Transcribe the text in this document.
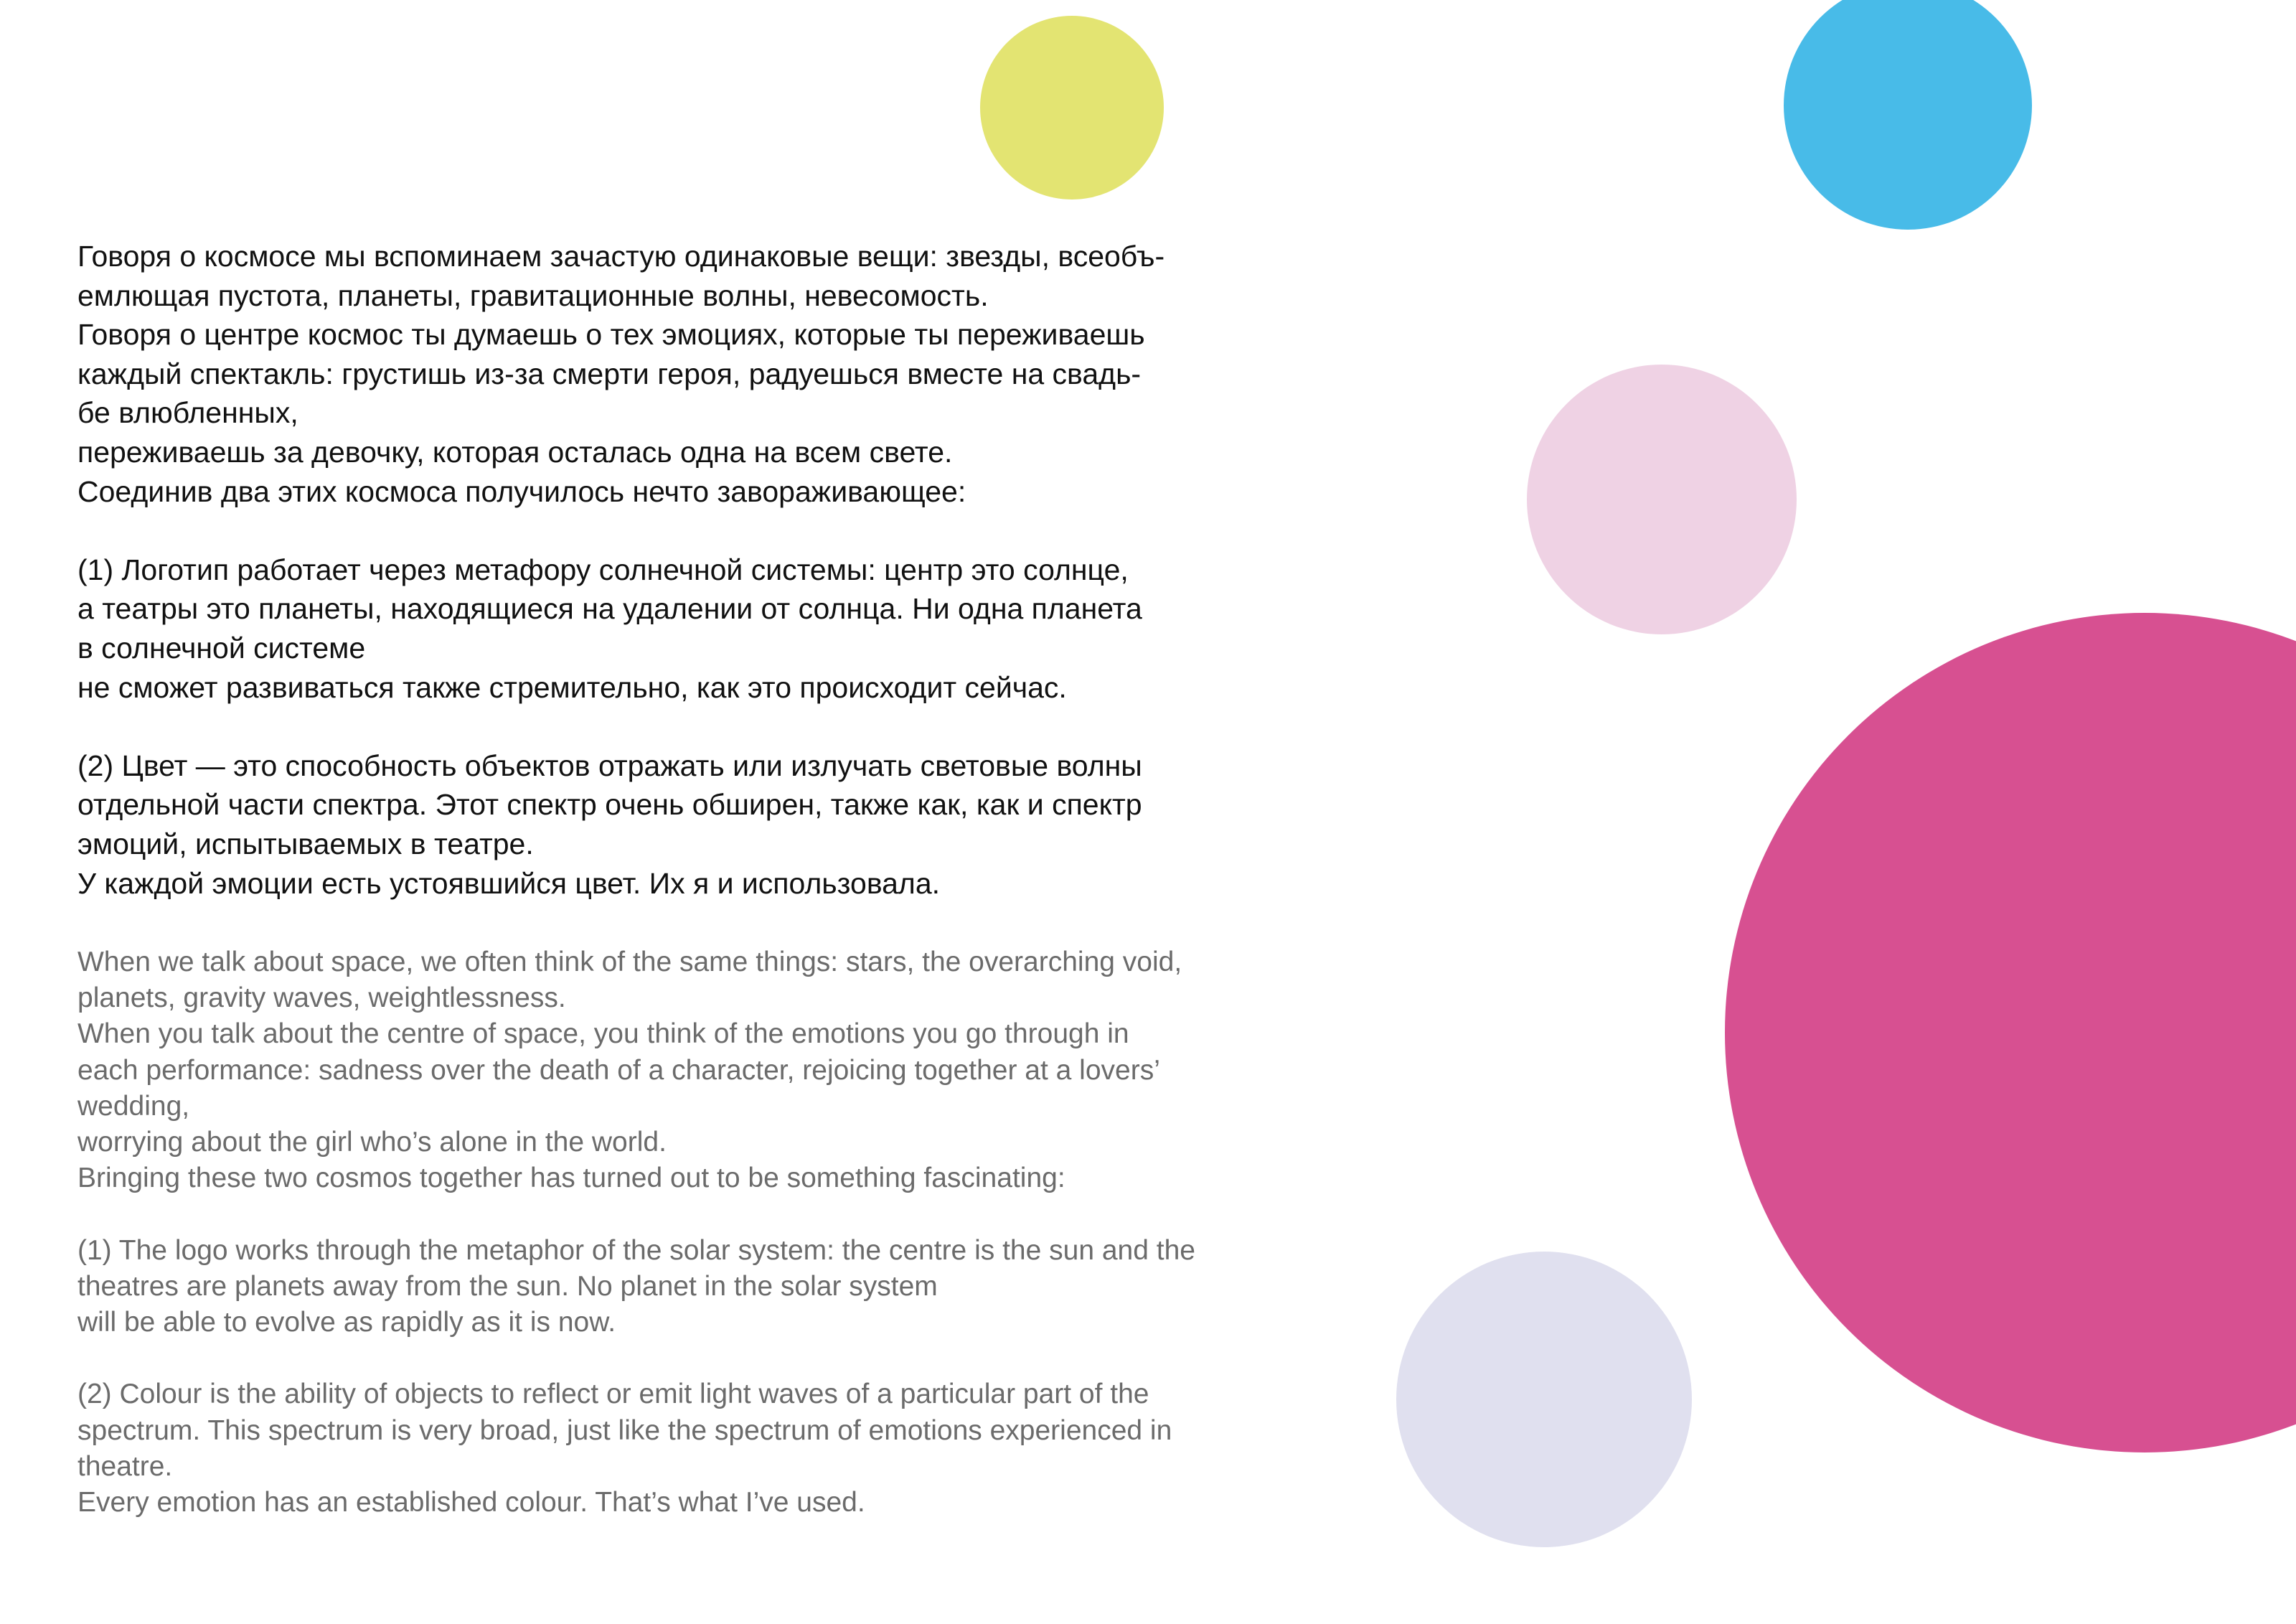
Говоря о космосе мы вспоминаем зачастую одинаковые вещи: звезды, всеобъ-
емлющая пустота, планеты, гравитационные волны, невесомость.
Говоря о центре космос ты думаешь о тех эмоциях, которые ты переживаешь
каждый спектакль: грустишь из-за смерти героя, радуешься вместе на свадь-
бе влюбленных,
переживаешь за девочку, которая осталась одна на всем свете.
Соединив два этих космоса получилось нечто завораживающее:
(1) Логотип работает через метафору солнечной системы: центр это солнце,
а театры это планеты, находящиеся на удалении от солнца. Ни одна планета
в солнечной системе
не сможет развиваться также стремительно, как это происходит сейчас.
(2) Цвет — это способность объектов отражать или излучать световые волны
отдельной части спектра. Этот спектр очень обширен, также как, как и спектр
эмоций, испытываемых в театре.
У каждой эмоции есть устоявшийся цвет. Их я и использовала.
When we talk about space, we often think of the same things: stars, the overarching void,
planets, gravity waves, weightlessness.
When you talk about the centre of space, you think of the emotions you go through in
each performance: sadness over the death of a character, rejoicing together at a lovers’
wedding,
worrying about the girl who’s alone in the world.
Bringing these two cosmos together has turned out to be something fascinating:
(1) The logo works through the metaphor of the solar system: the centre is the sun and the
theatres are planets away from the sun. No planet in the solar system
will be able to evolve as rapidly as it is now.
(2) Colour is the ability of objects to reflect or emit light waves of a particular part of the
spectrum. This spectrum is very broad, just like the spectrum of emotions experienced in
theatre.
Every emotion has an established colour. That’s what I’ve used.
